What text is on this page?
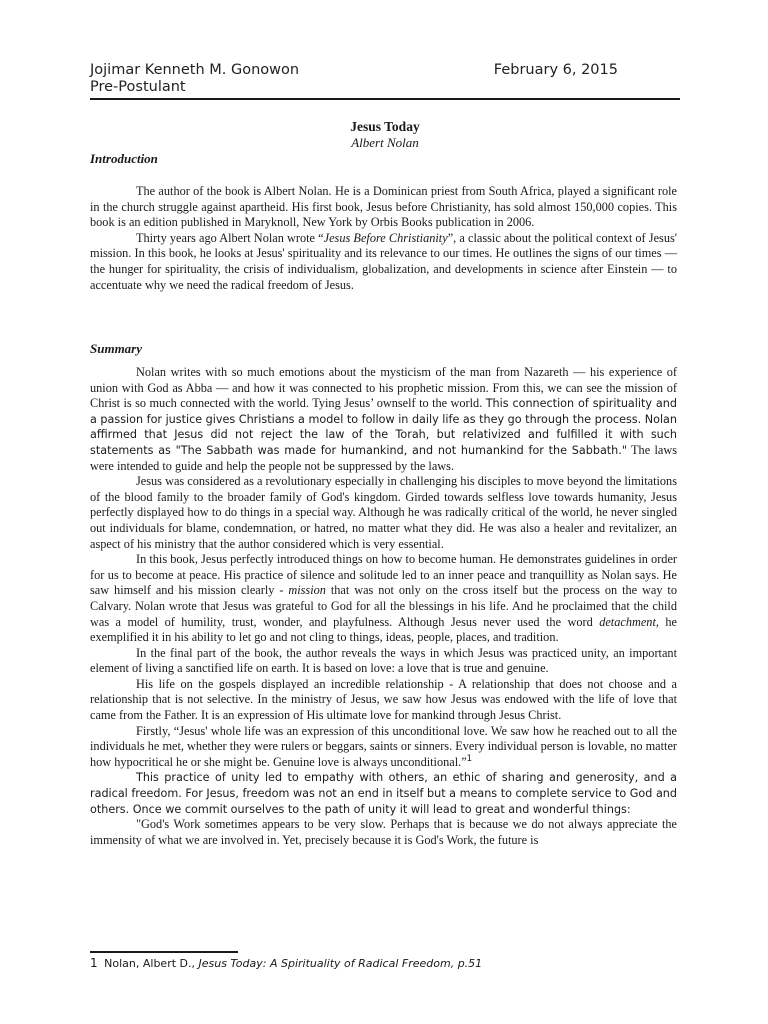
Jojimar Kenneth M. Gonowon	February 6, 2015
Pre-Postulant
Jesus Today
Albert Nolan
Introduction

The author of the book is Albert Nolan. He is a Dominican priest from South Africa, played a significant role in the church struggle against apartheid. His first book, Jesus before Christianity, has sold almost 150,000 copies. This book is an edition published in Maryknoll, New York by Orbis Books publication in 2006.

Thirty years ago Albert Nolan wrote “Jesus Before Christianity”, a classic about the political context of Jesus' mission. In this book, he looks at Jesus' spirituality and its relevance to our times. He outlines the signs of our times — the hunger for spirituality, the crisis of individualism, globalization, and developments in science after Einstein — to accentuate why we need the radical freedom of Jesus.

Summary

Nolan writes with so much emotions about the mysticism of the man from Nazareth — his experience of union with God as Abba — and how it was connected to his prophetic mission. From this, we can see the mission of Christ is so much connected with the world. Tying Jesus’ ownself to the world. This connection of spirituality and a passion for justice gives Christians a model to follow in daily life as they go through the process. Nolan affirmed that Jesus did not reject the law of the Torah, but relativized and fulfilled it with such statements as "The Sabbath was made for humankind, and not humankind for the Sabbath." The laws were intended to guide and help the people not be suppressed by the laws.

Jesus was considered as a revolutionary especially in challenging his disciples to move beyond the limitations of the blood family to the broader family of God's kingdom. Girded towards selfless love towards humanity, Jesus perfectly displayed how to do things in a special way. Although he was radically critical of the world, he never singled out individuals for blame, condemnation, or hatred, no matter what they did. He was also a healer and revitalizer, an aspect of his ministry that the author considered which is very essential.

In this book, Jesus perfectly introduced things on how to become human. He demonstrates guidelines in order for us to become at peace. His practice of silence and solitude led to an inner peace and tranquillity as Nolan says. He saw himself and his mission clearly - mission that was not only on the cross itself but the process on the way to Calvary. Nolan wrote that Jesus was grateful to God for all the blessings in his life. And he proclaimed that the child was a model of humility, trust, wonder, and playfulness. Although Jesus never used the word detachment, he exemplified it in his ability to let go and not cling to things, ideas, people, places, and tradition.

In the final part of the book, the author reveals the ways in which Jesus was practiced unity, an important element of living a sanctified life on earth. It is based on love: a love that is true and genuine.

His life on the gospels displayed an incredible relationship - A relationship that does not choose and a relationship that is not selective. In the ministry of Jesus, we saw how Jesus was endowed with the life of love that came from the Father. It is an expression of His ultimate love for mankind through Jesus Christ.

Firstly, “Jesus' whole life was an expression of this unconditional love. We saw how he reached out to all the individuals he met, whether they were rulers or beggars, saints or sinners. Every individual person is lovable, no matter how hypocritical he or she might be. Genuine love is always unconditional.”$^1$

This practice of unity led to empathy with others, an ethic of sharing and generosity, and a radical freedom. For Jesus, freedom was not an end in itself but a means to complete service to God and others. Once we commit ourselves to the path of unity it will lead to great and wonderful things:

"God's Work sometimes appears to be very slow. Perhaps that is because we do not always appreciate the immensity of what we are involved in. Yet, precisely because it is God's Work, the future is

1 Nolan, Albert D., Jesus Today: A Spirituality of Radical Freedom, p.51
